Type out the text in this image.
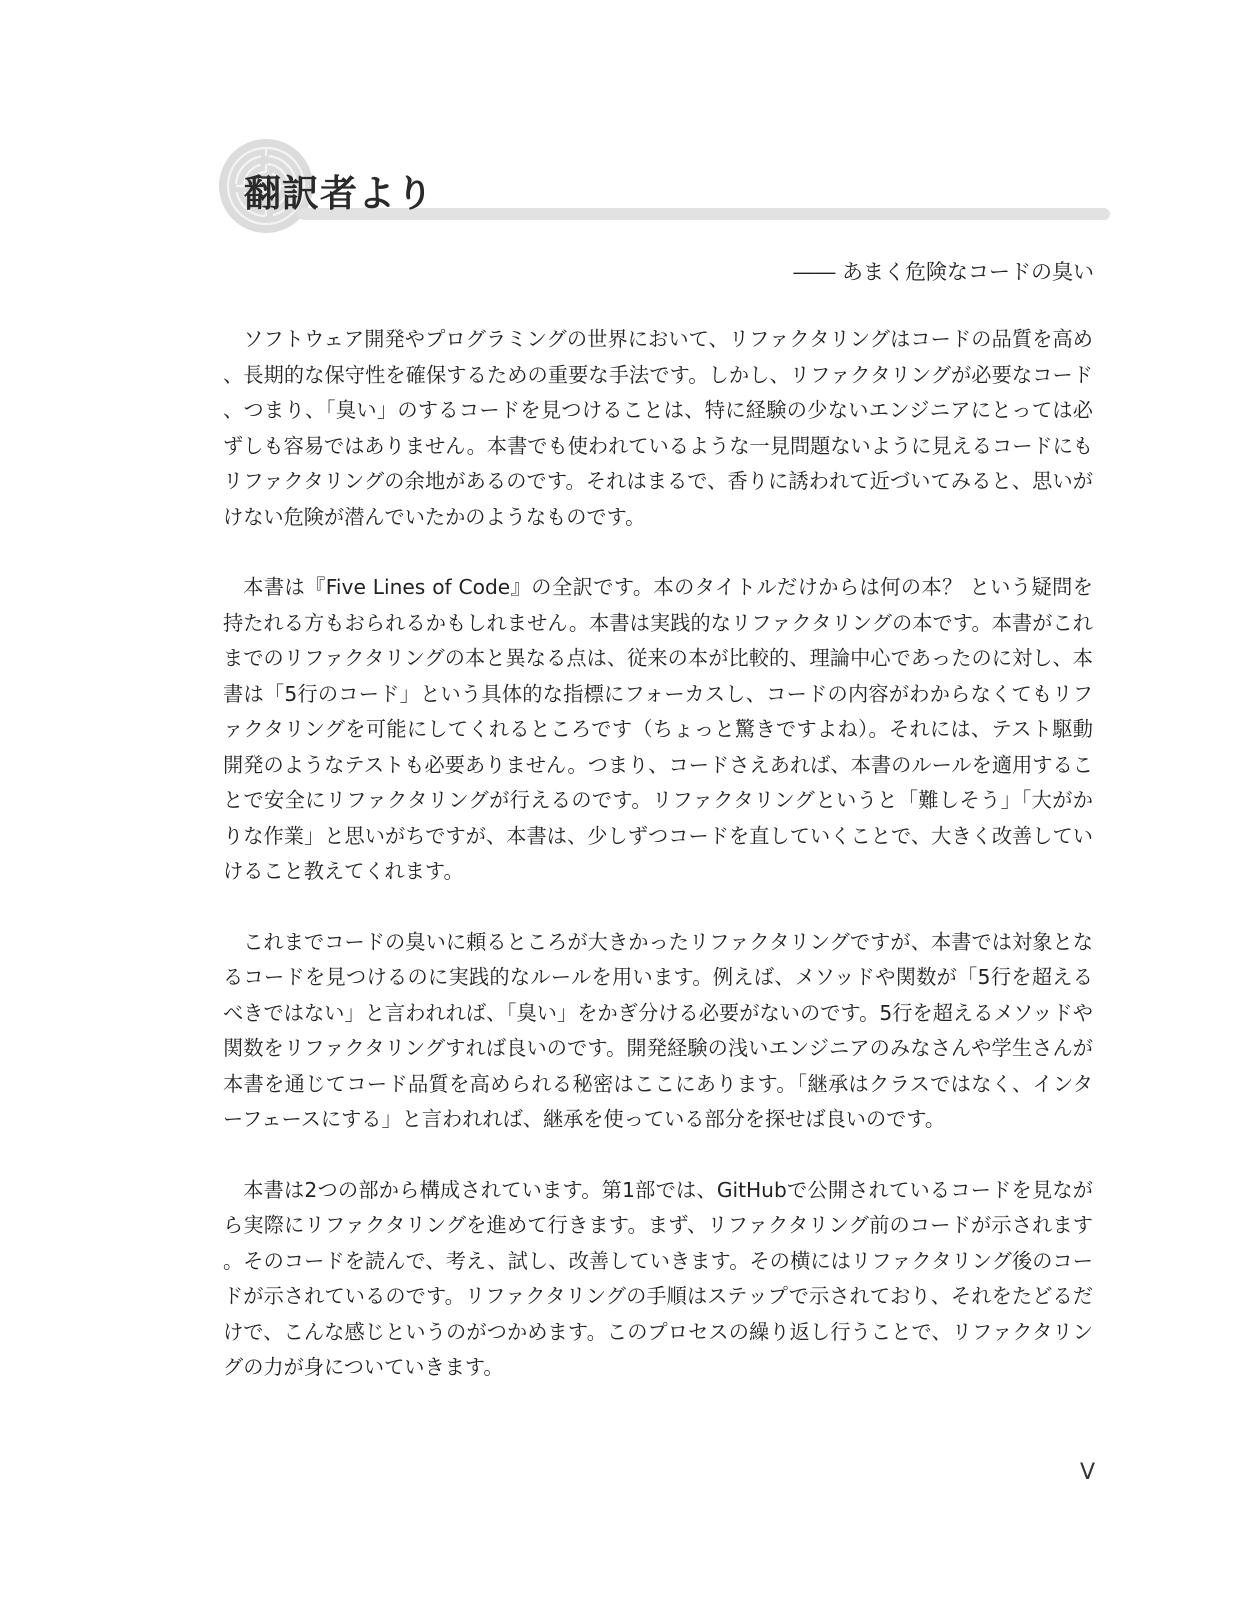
翻訳者より

―― あまく危険なコードの臭い

ソフトウェア開発やプログラミングの世界において、リファクタリングはコードの品質を高め、長期的な保守性を確保するための重要な手法です。しかし、リファクタリングが必要なコード、つまり、「臭い」のするコードを見つけることは、特に経験の少ないエンジニアにとっては必ずしも容易ではありません。本書でも使われているような一見問題ないように見えるコードにもリファクタリングの余地があるのです。それはまるで、香りに誘われて近づいてみると、思いがけない危険が潜んでいたかのようなものです。

本書は『Five Lines of Code』の全訳です。本のタイトルだけからは何の本？ という疑問を持たれる方もおられるかもしれません。本書は実践的なリファクタリングの本です。本書がこれまでのリファクタリングの本と異なる点は、従来の本が比較的、理論中心であったのに対し、本書は「5行のコード」という具体的な指標にフォーカスし、コードの内容がわからなくてもリファクタリングを可能にしてくれるところです（ちょっと驚きですよね）。それには、テスト駆動開発のようなテストも必要ありません。つまり、コードさえあれば、本書のルールを適用することで安全にリファクタリングが行えるのです。リファクタリングというと「難しそう」「大がかりな作業」と思いがちですが、本書は、少しずつコードを直していくことで、大きく改善していけること教えてくれます。

これまでコードの臭いに頼るところが大きかったリファクタリングですが、本書では対象となるコードを見つけるのに実践的なルールを用います。例えば、メソッドや関数が「5行を超えるべきではない」と言われれば、「臭い」をかぎ分ける必要がないのです。5行を超えるメソッドや関数をリファクタリングすれば良いのです。開発経験の浅いエンジニアのみなさんや学生さんが本書を通じてコード品質を高められる秘密はここにあります。「継承はクラスではなく、インターフェースにする」と言われれば、継承を使っている部分を探せば良いのです。

本書は2つの部から構成されています。第1部では、GitHubで公開されているコードを見ながら実際にリファクタリングを進めて行きます。まず、リファクタリング前のコードが示されます。そのコードを読んで、考え、試し、改善していきます。その横にはリファクタリング後のコードが示されているのです。リファクタリングの手順はステップで示されており、それをたどるだけで、こんな感じというのがつかめます。このプロセスの繰り返し行うことで、リファクタリングの力が身についていきます。

V
